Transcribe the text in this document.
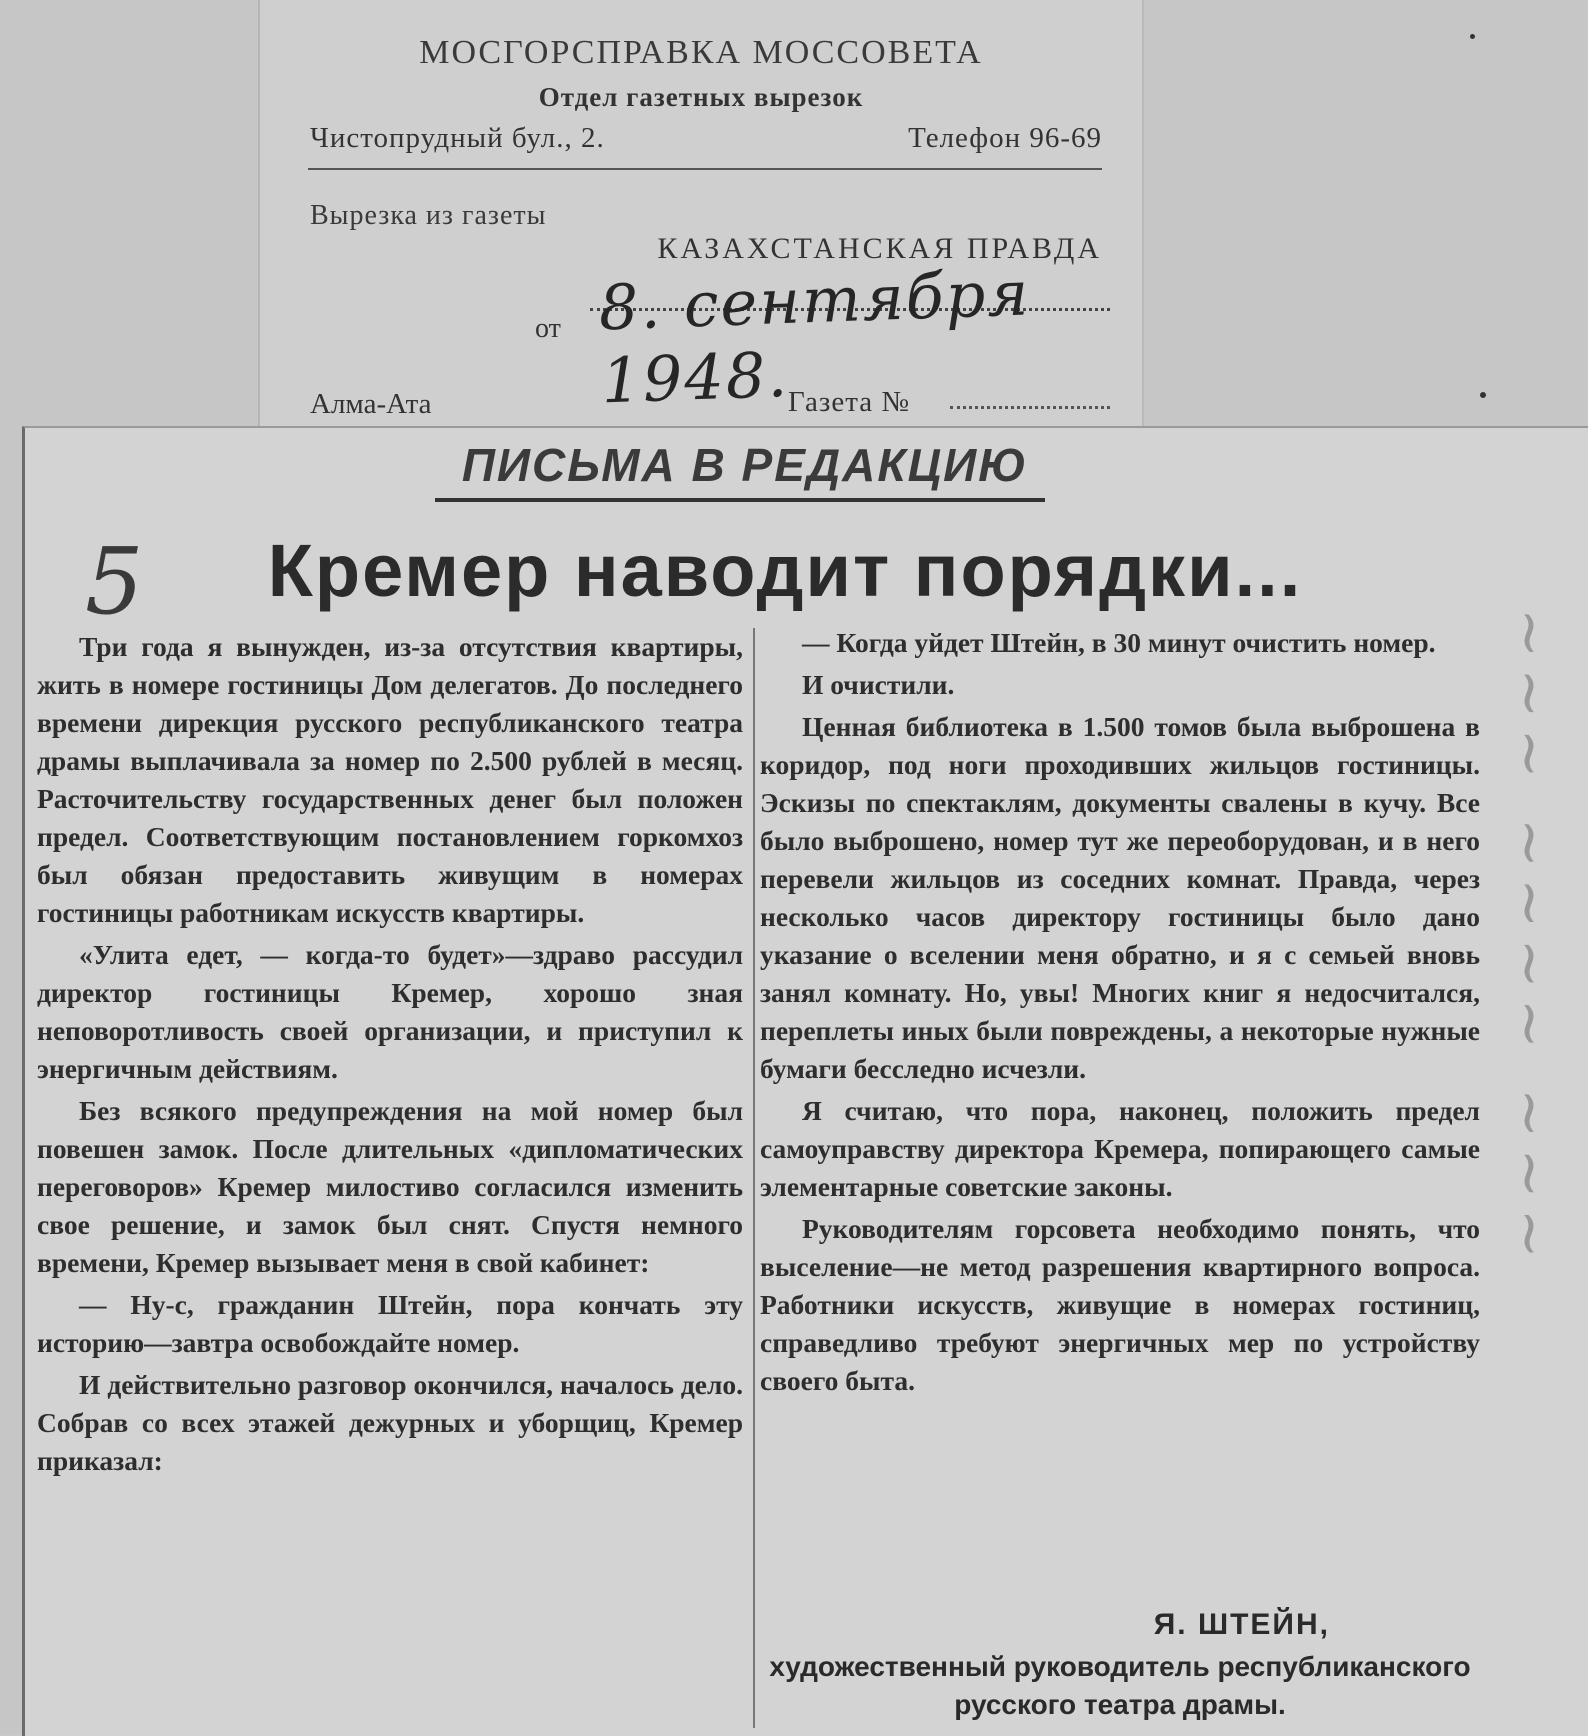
МОСГОРСПРАВКА МОССОВЕТА
Отдел газетных вырезок
Чистопрудный бул., 2.	Телефон 96-69
Вырезка из газеты
КАЗАХСТАНСКАЯ ПРАВДА
от 8. сентября 1948.
Алма-Ата	Газета №
ПИСЬМА В РЕДАКЦИЮ
5	Кремер наводит порядки...

Три года я вынужден, из-за отсутствия квартиры, жить в номере гостиницы Дом делегатов. До последнего времени дирекция русского республиканского театра драмы выплачивала за номер по 2.500 рублей в месяц. Расточительству государственных денег был положен предел. Соответствующим постановлением горкомхоз был обязан предоставить живущим в номерах гостиницы работникам искусств квартиры.

«Улита едет, — когда-то будет»—здраво рассудил директор гостиницы Кремер, хорошо зная неповоротливость своей организации, и приступил к энергичным действиям.

Без всякого предупреждения на мой номер был повешен замок. После длительных «дипломатических переговоров» Кремер милостиво согласился изменить свое решение, и замок был снят. Спустя немного времени, Кремер вызывает меня в свой кабинет:

— Ну-с, гражданин Штейн, пора кончать эту историю—завтра освобождайте номер.

И действительно разговор окончился, началось дело. Собрав со всех этажей дежурных и уборщиц, Кремер приказал:

— Когда уйдет Штейн, в 30 минут очистить номер.

И очистили.

Ценная библиотека в 1.500 томов была выброшена в коридор, под ноги проходивших жильцов гостиницы. Эскизы по спектаклям, документы свалены в кучу. Все было выброшено, номер тут же переоборудован, и в него перевели жильцов из соседних комнат. Правда, через несколько часов директору гостиницы было дано указание о вселении меня обратно, и я с семьей вновь занял комнату. Но, увы! Многих книг я недосчитался, переплеты иных были повреждены, а некоторые нужные бумаги бесследно исчезли.

Я считаю, что пора, наконец, положить предел самоуправству директора Кремера, попирающего самые элементарные советские законы.

Руководителям горсовета необходимо понять, что выселение—не метод разрешения квартирного вопроса. Работники искусств, живущие в номерах гостиниц, справедливо требуют энергичных мер по устройству своего быта.

Я. ШТЕЙН,
художественный руководитель республиканского русского театра драмы.
~~~ ~~~~ ~~~
